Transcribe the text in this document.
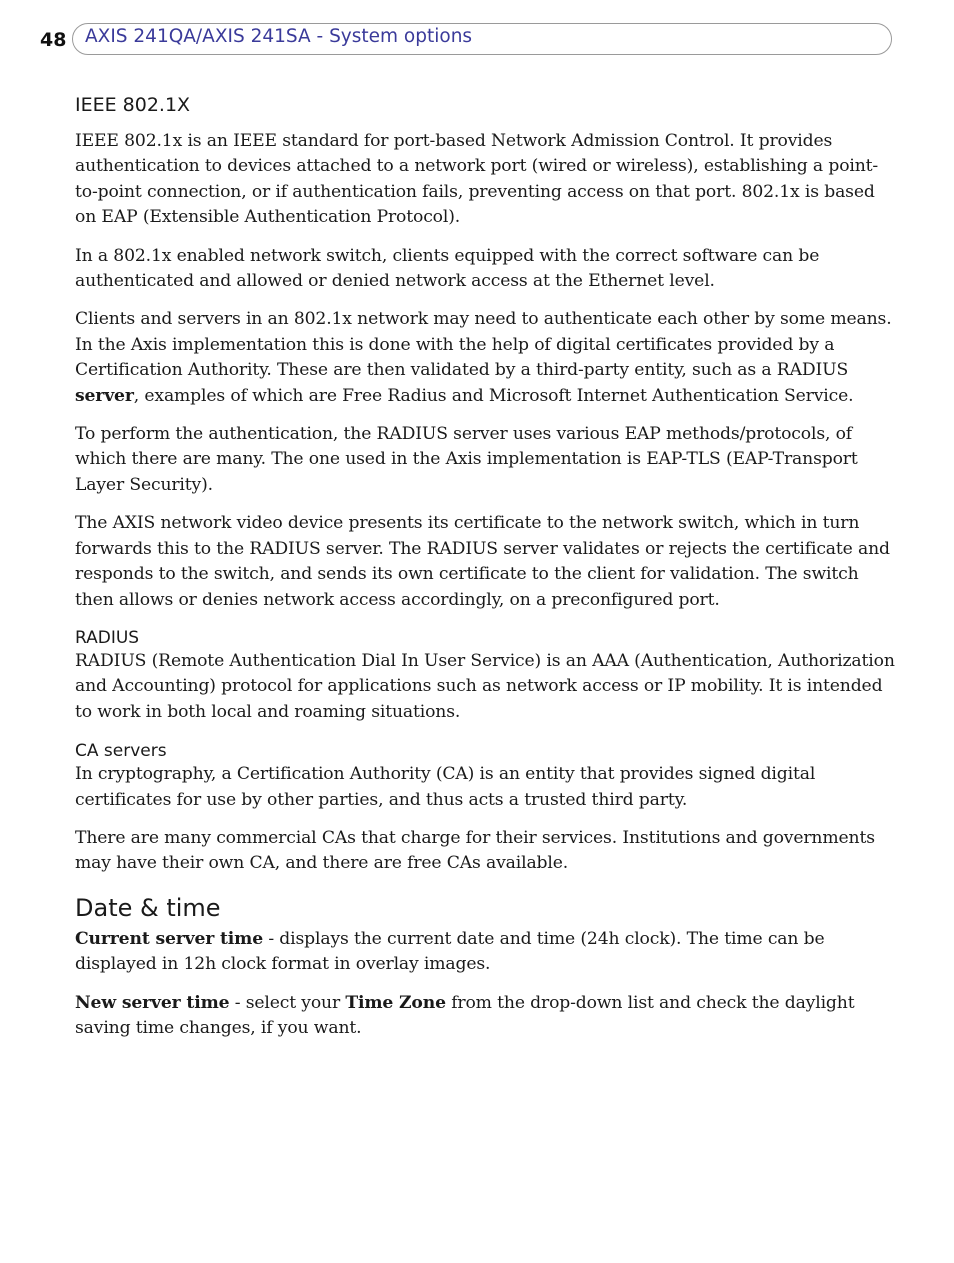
48 AXIS 241QA/AXIS 241SA - System options
IEEE 802.1X

IEEE 802.1x is an IEEE standard for port-based Network Admission Control. It provides authentication to devices attached to a network port (wired or wireless), establishing a point-to-point connection, or if authentication fails, preventing access on that port. 802.1x is based on EAP (Extensible Authentication Protocol).

In a 802.1x enabled network switch, clients equipped with the correct software can be authenticated and allowed or denied network access at the Ethernet level.

Clients and servers in an 802.1x network may need to authenticate each other by some means. In the Axis implementation this is done with the help of digital certificates provided by a Certification Authority. These are then validated by a third-party entity, such as a RADIUS server, examples of which are Free Radius and Microsoft Internet Authentication Service.

To perform the authentication, the RADIUS server uses various EAP methods/protocols, of which there are many. The one used in the Axis implementation is EAP-TLS (EAP-Transport Layer Security).

The AXIS network video device presents its certificate to the network switch, which in turn forwards this to the RADIUS server. The RADIUS server validates or rejects the certificate and responds to the switch, and sends its own certificate to the client for validation. The switch then allows or denies network access accordingly, on a preconfigured port.

RADIUS

RADIUS (Remote Authentication Dial In User Service) is an AAA (Authentication, Authorization and Accounting) protocol for applications such as network access or IP mobility. It is intended to work in both local and roaming situations.

CA servers

In cryptography, a Certification Authority (CA) is an entity that provides signed digital certificates for use by other parties, and thus acts a trusted third party.

There are many commercial CAs that charge for their services. Institutions and governments may have their own CA, and there are free CAs available.

Date & time

Current server time - displays the current date and time (24h clock). The time can be displayed in 12h clock format in overlay images.

New server time - select your Time Zone from the drop-down list and check the daylight saving time changes, if you want.
